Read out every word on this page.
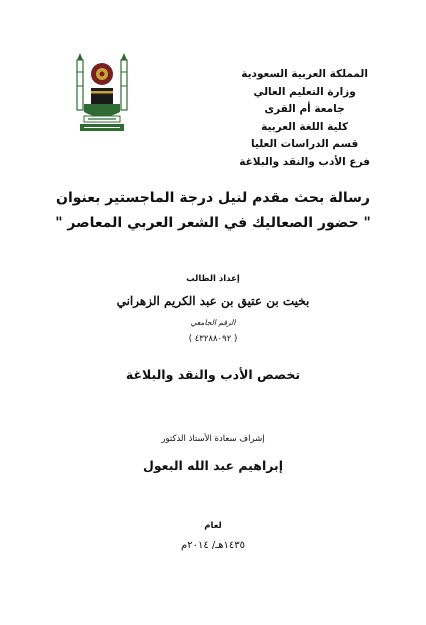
المملكة العربية السعودية
وزارة التعليم العالي
جامعة أم القرى
كلية اللغة العربية
قسم الدراسات العليا
فرع الأدب والنقد والبلاغة
رسالة بحث مقدم لنيل درجة الماجستير بعنوان
" حضور الصعاليك في الشعر العربي المعاصر "
إعداد الطالب
بخيت بن عتيق بن عبد الكريم الزهراني
الرقم الجامعي
( ٤٣٢٨٨٠٩٢ )
تخصص الأدب والنقد والبلاغة
إشراف سعادة الأستاذ الدكتور
إبراهيم عبد الله البعول
لعام
١٤٣٥هـ/ ٢٠١٤م
